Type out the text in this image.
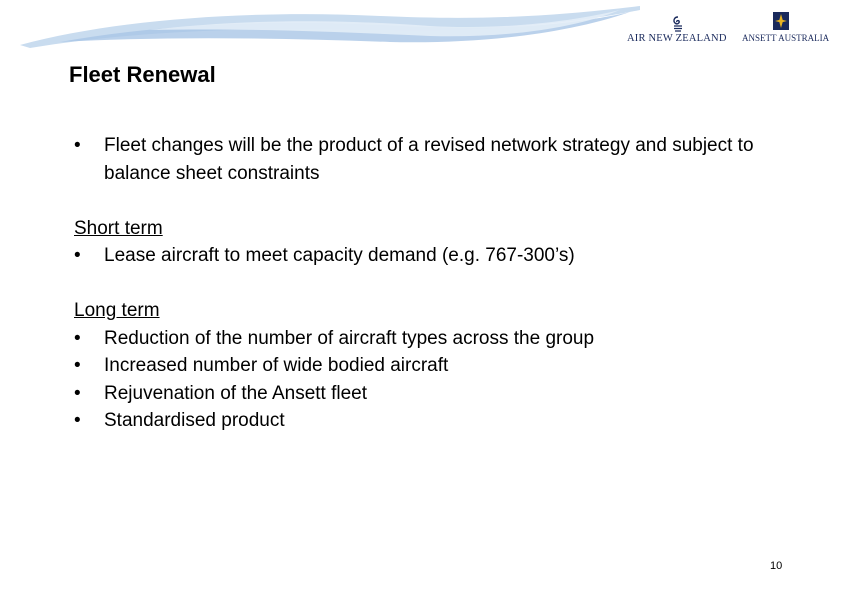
AIR NEW ZEALAND ANSETT AUSTRALIA
Fleet Renewal
•	Fleet changes will be the product of a revised network strategy and subject to balance sheet constraints
Short term
•	Lease aircraft to meet capacity demand (e.g. 767-300’s)
Long term
•	Reduction of the number of aircraft types across the group
•	Increased number of wide bodied aircraft
•	Rejuvenation of the Ansett fleet
•	Standardised product
10
